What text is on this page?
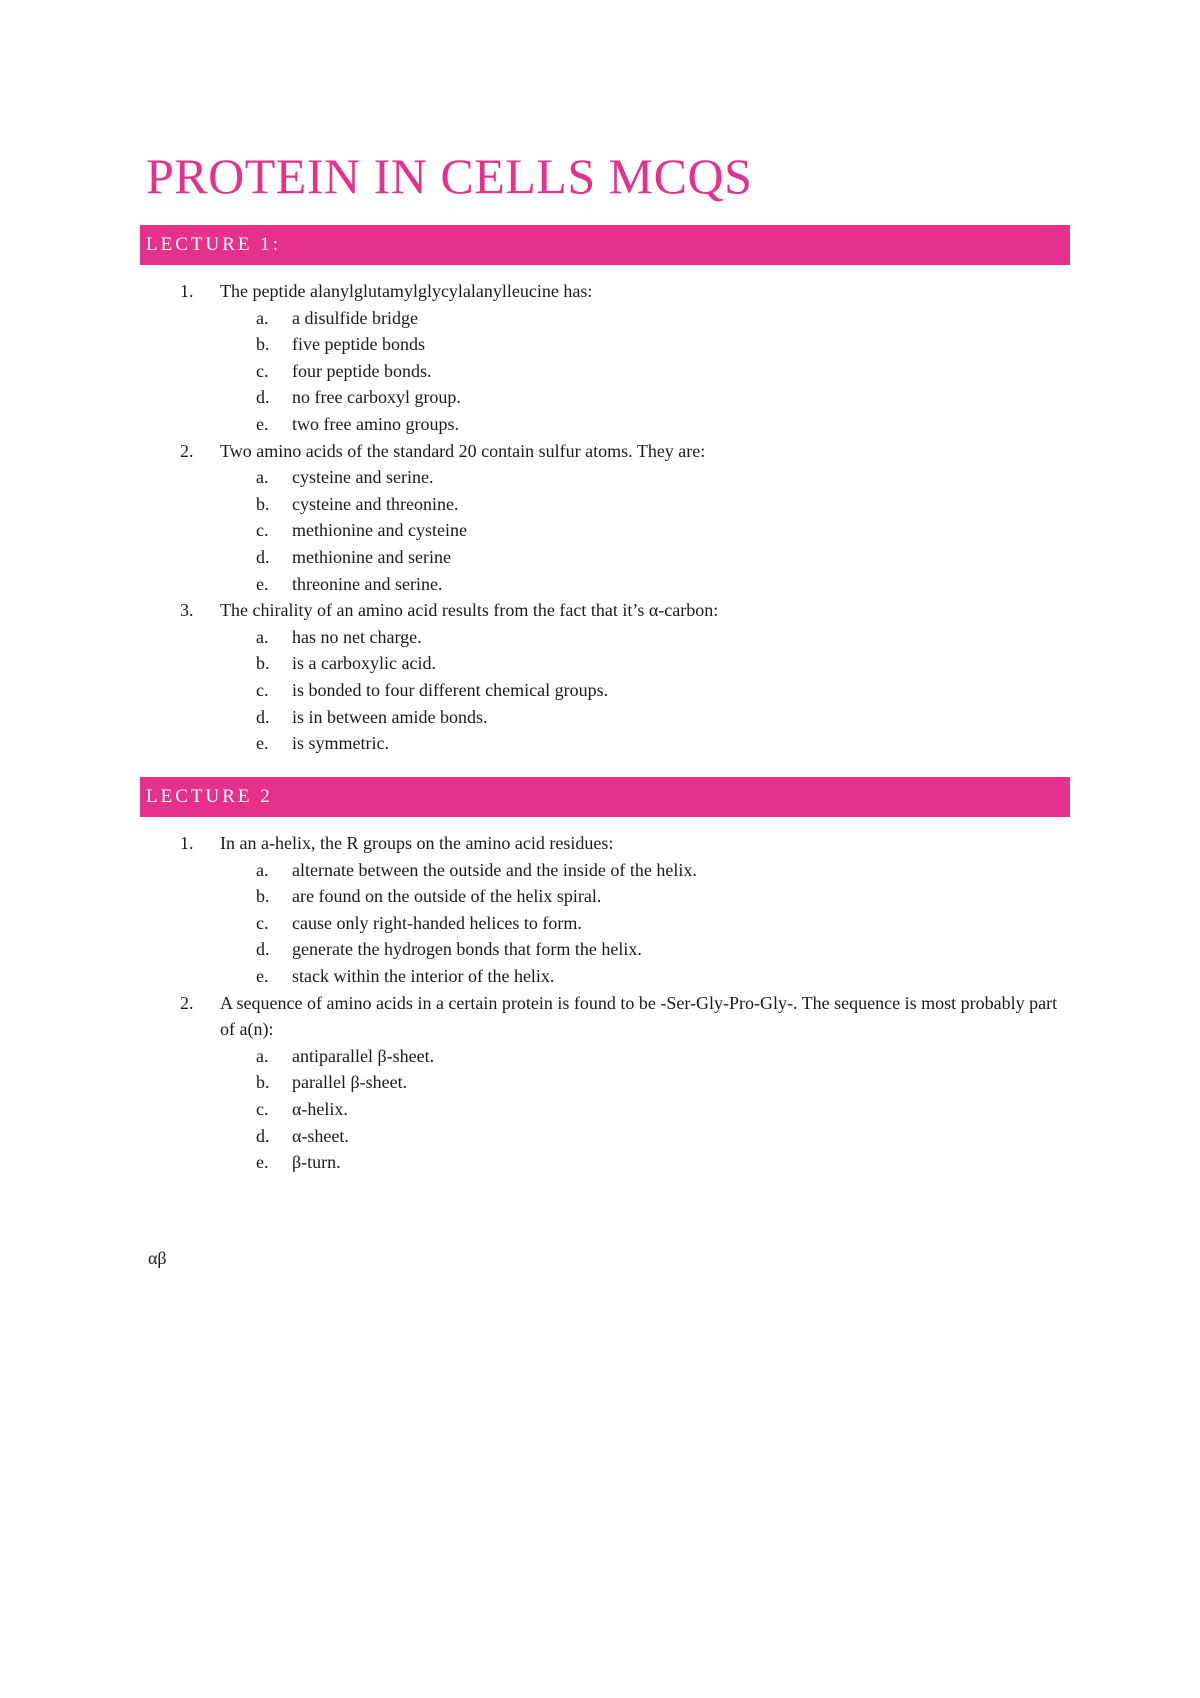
PROTEIN IN CELLS MCQS
LECTURE 1:
1. The peptide alanylglutamylglycylalanylleucine has:
a. a disulfide bridge
b. five peptide bonds
c. four peptide bonds.
d. no free carboxyl group.
e. two free amino groups.
2. Two amino acids of the standard 20 contain sulfur atoms. They are:
a. cysteine and serine.
b. cysteine and threonine.
c. methionine and cysteine
d. methionine and serine
e. threonine and serine.
3. The chirality of an amino acid results from the fact that it’s α-carbon:
a. has no net charge.
b. is a carboxylic acid.
c. is bonded to four different chemical groups.
d. is in between amide bonds.
e. is symmetric.
LECTURE 2
1. In an a-helix, the R groups on the amino acid residues:
a. alternate between the outside and the inside of the helix.
b. are found on the outside of the helix spiral.
c. cause only right-handed helices to form.
d. generate the hydrogen bonds that form the helix.
e. stack within the interior of the helix.
2. A sequence of amino acids in a certain protein is found to be -Ser-Gly-Pro-Gly-. The sequence is most probably part of a(n):
a. antiparallel β-sheet.
b. parallel β-sheet.
c. α-helix.
d. α-sheet.
e. β-turn.
αβ
